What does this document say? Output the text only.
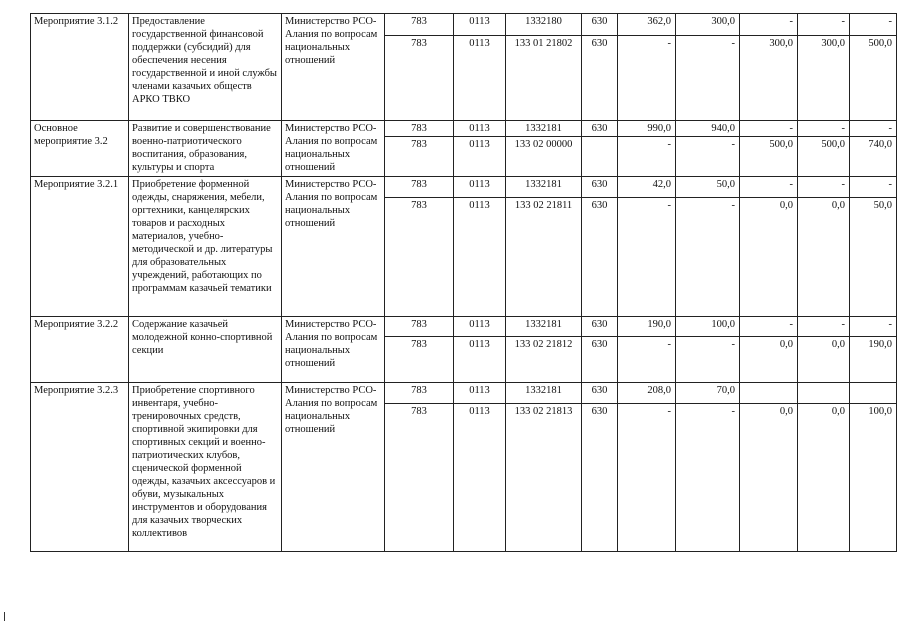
Мероприятие 3.1.2	Предоставление государственной финансовой поддержки (субсидий) для обеспечения несения государственной и иной службы членами казачьих обществ АРКО ТВКО	Министерство РСО-Алания по вопросам национальных отношений	783	0113	1332180	630	362,0	300,0	-	-	-
			783	0113	133 01 21802	630	-	-	300,0	300,0	500,0
Основное мероприятие 3.2	Развитие и совершенствование военно-патриотического воспитания, образования, культуры и спорта	Министерство РСО-Алания по вопросам национальных отношений	783	0113	1332181	630	990,0	940,0	-	-	-
			783	0113	133 02 00000		-	-	500,0	500,0	740,0
Мероприятие 3.2.1	Приобретение форменной одежды, снаряжения, мебели, оргтехники, канцелярских товаров и расходных материалов, учебно-методической и др. литературы для образовательных учреждений, работающих по программам казачьей тематики	Министерство РСО-Алания по вопросам национальных отношений	783	0113	1332181	630	42,0	50,0	-	-	-
			783	0113	133 02 21811	630	-	-	0,0	0,0	50,0
Мероприятие 3.2.2	Содержание казачьей молодежной конно-спортивной секции	Министерство РСО-Алания по вопросам национальных отношений	783	0113	1332181	630	190,0	100,0	-	-	-
			783	0113	133 02 21812	630	-	-	0,0	0,0	190,0
Мероприятие 3.2.3	Приобретение спортивного инвентаря, учебно-тренировочных средств, спортивной экипировки для спортивных секций и военно-патриотических клубов, сценической форменной одежды, казачьих аксессуаров и обуви, музыкальных инструментов и оборудования для казачьих творческих коллективов	Министерство РСО-Алания по вопросам национальных отношений	783	0113	1332181	630	208,0	70,0			
			783	0113	133 02 21813	630	-	-	0,0	0,0	100,0
